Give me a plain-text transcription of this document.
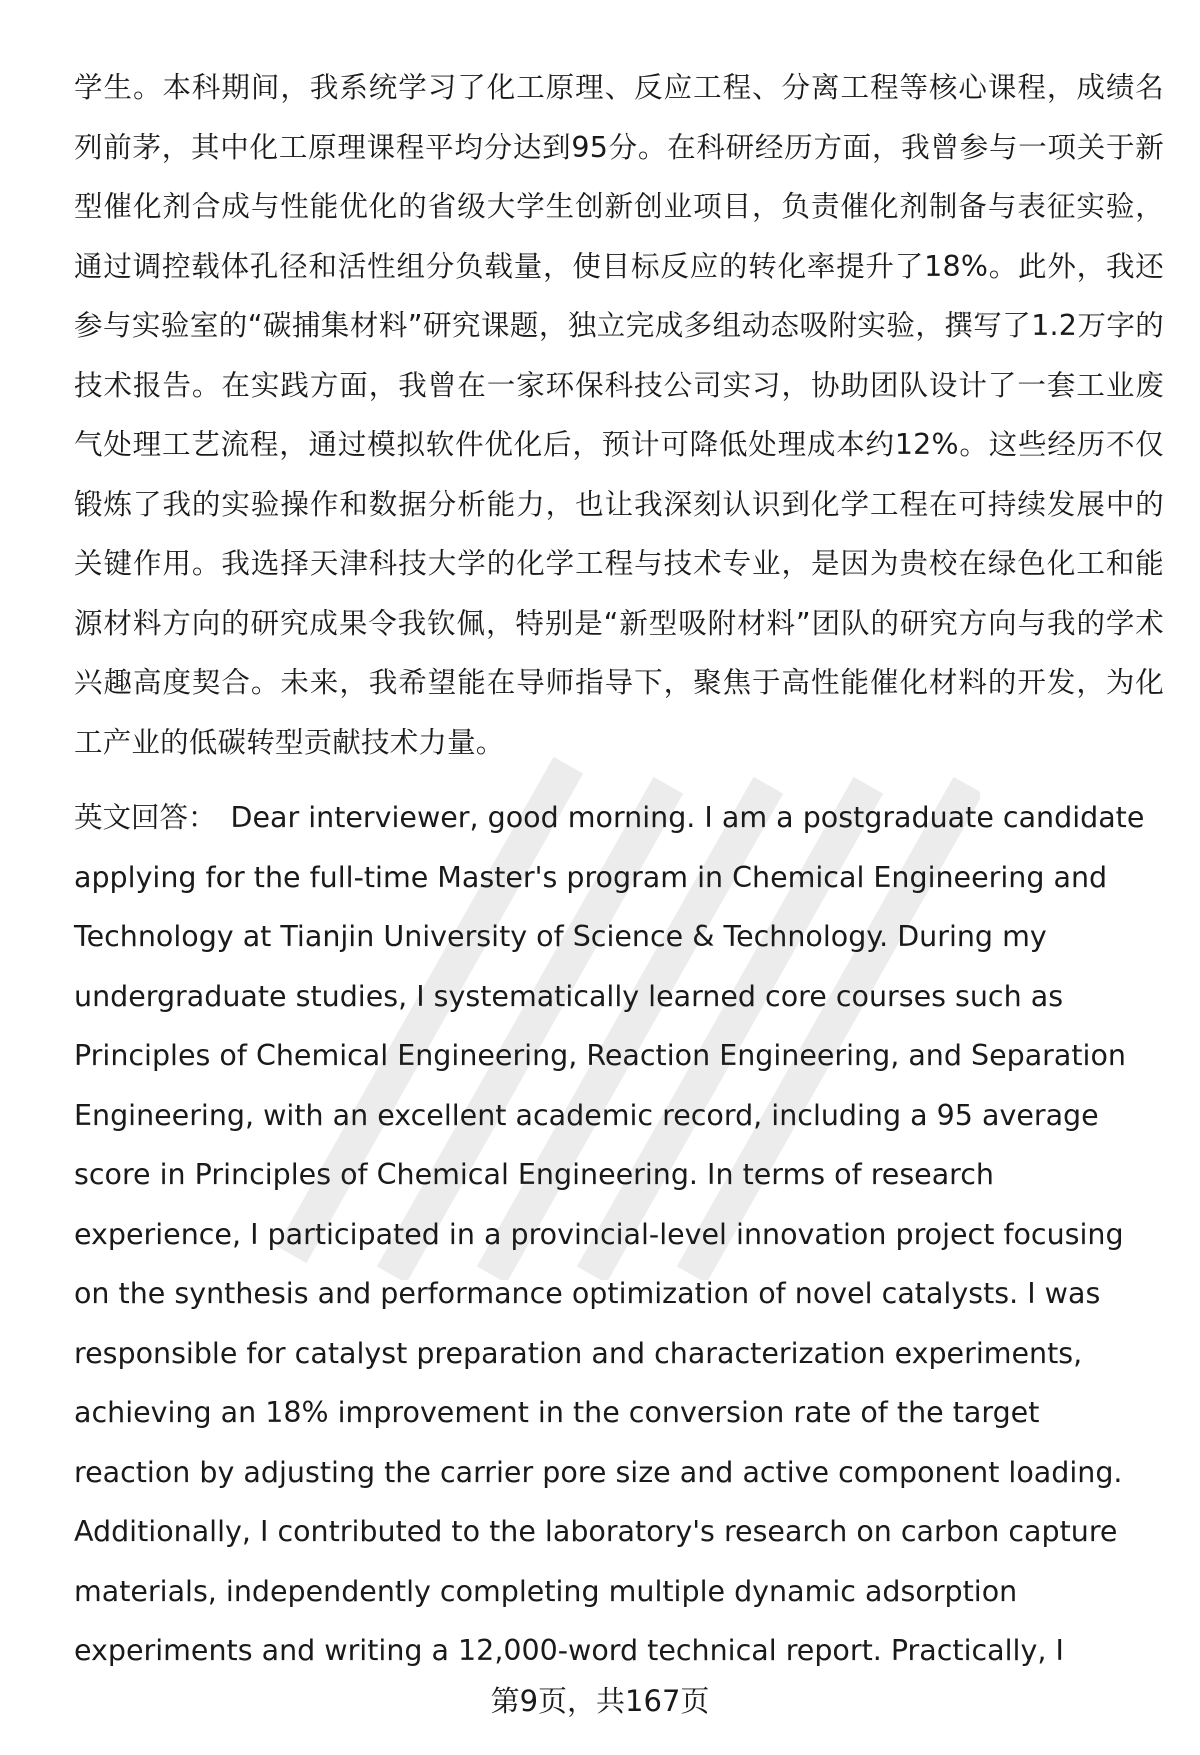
学生。本科期间，我系统学习了化工原理、反应工程、分离工程等核心课程，成绩名列前茅，其中化工原理课程平均分达到95分。在科研经历方面，我曾参与一项关于新型催化剂合成与性能优化的省级大学生创新创业项目，负责催化剂制备与表征实验，通过调控载体孔径和活性组分负载量，使目标反应的转化率提升了18%。此外，我还参与实验室的“碳捕集材料”研究课题，独立完成多组动态吸附实验，撰写了1.2万字的技术报告。在实践方面，我曾在一家环保科技公司实习，协助团队设计了一套工业废气处理工艺流程，通过模拟软件优化后，预计可降低处理成本约12%。这些经历不仅锻炼了我的实验操作和数据分析能力，也让我深刻认识到化学工程在可持续发展中的关键作用。我选择天津科技大学的化学工程与技术专业，是因为贵校在绿色化工和能源材料方向的研究成果令我钦佩，特别是“新型吸附材料”团队的研究方向与我的学术兴趣高度契合。未来，我希望能在导师指导下，聚焦于高性能催化材料的开发，为化工产业的低碳转型贡献技术力量。

英文回答： Dear interviewer, good morning. I am a postgraduate candidate applying for the full-time Master's program in Chemical Engineering and Technology at Tianjin University of Science & Technology. During my undergraduate studies, I systematically learned core courses such as Principles of Chemical Engineering, Reaction Engineering, and Separation Engineering, with an excellent academic record, including a 95 average score in Principles of Chemical Engineering. In terms of research experience, I participated in a provincial-level innovation project focusing on the synthesis and performance optimization of novel catalysts. I was responsible for catalyst preparation and characterization experiments, achieving an 18% improvement in the conversion rate of the target reaction by adjusting the carrier pore size and active component loading. Additionally, I contributed to the laboratory's research on carbon capture materials, independently completing multiple dynamic adsorption experiments and writing a 12,000-word technical report. Practically, I

第9页，共167页
